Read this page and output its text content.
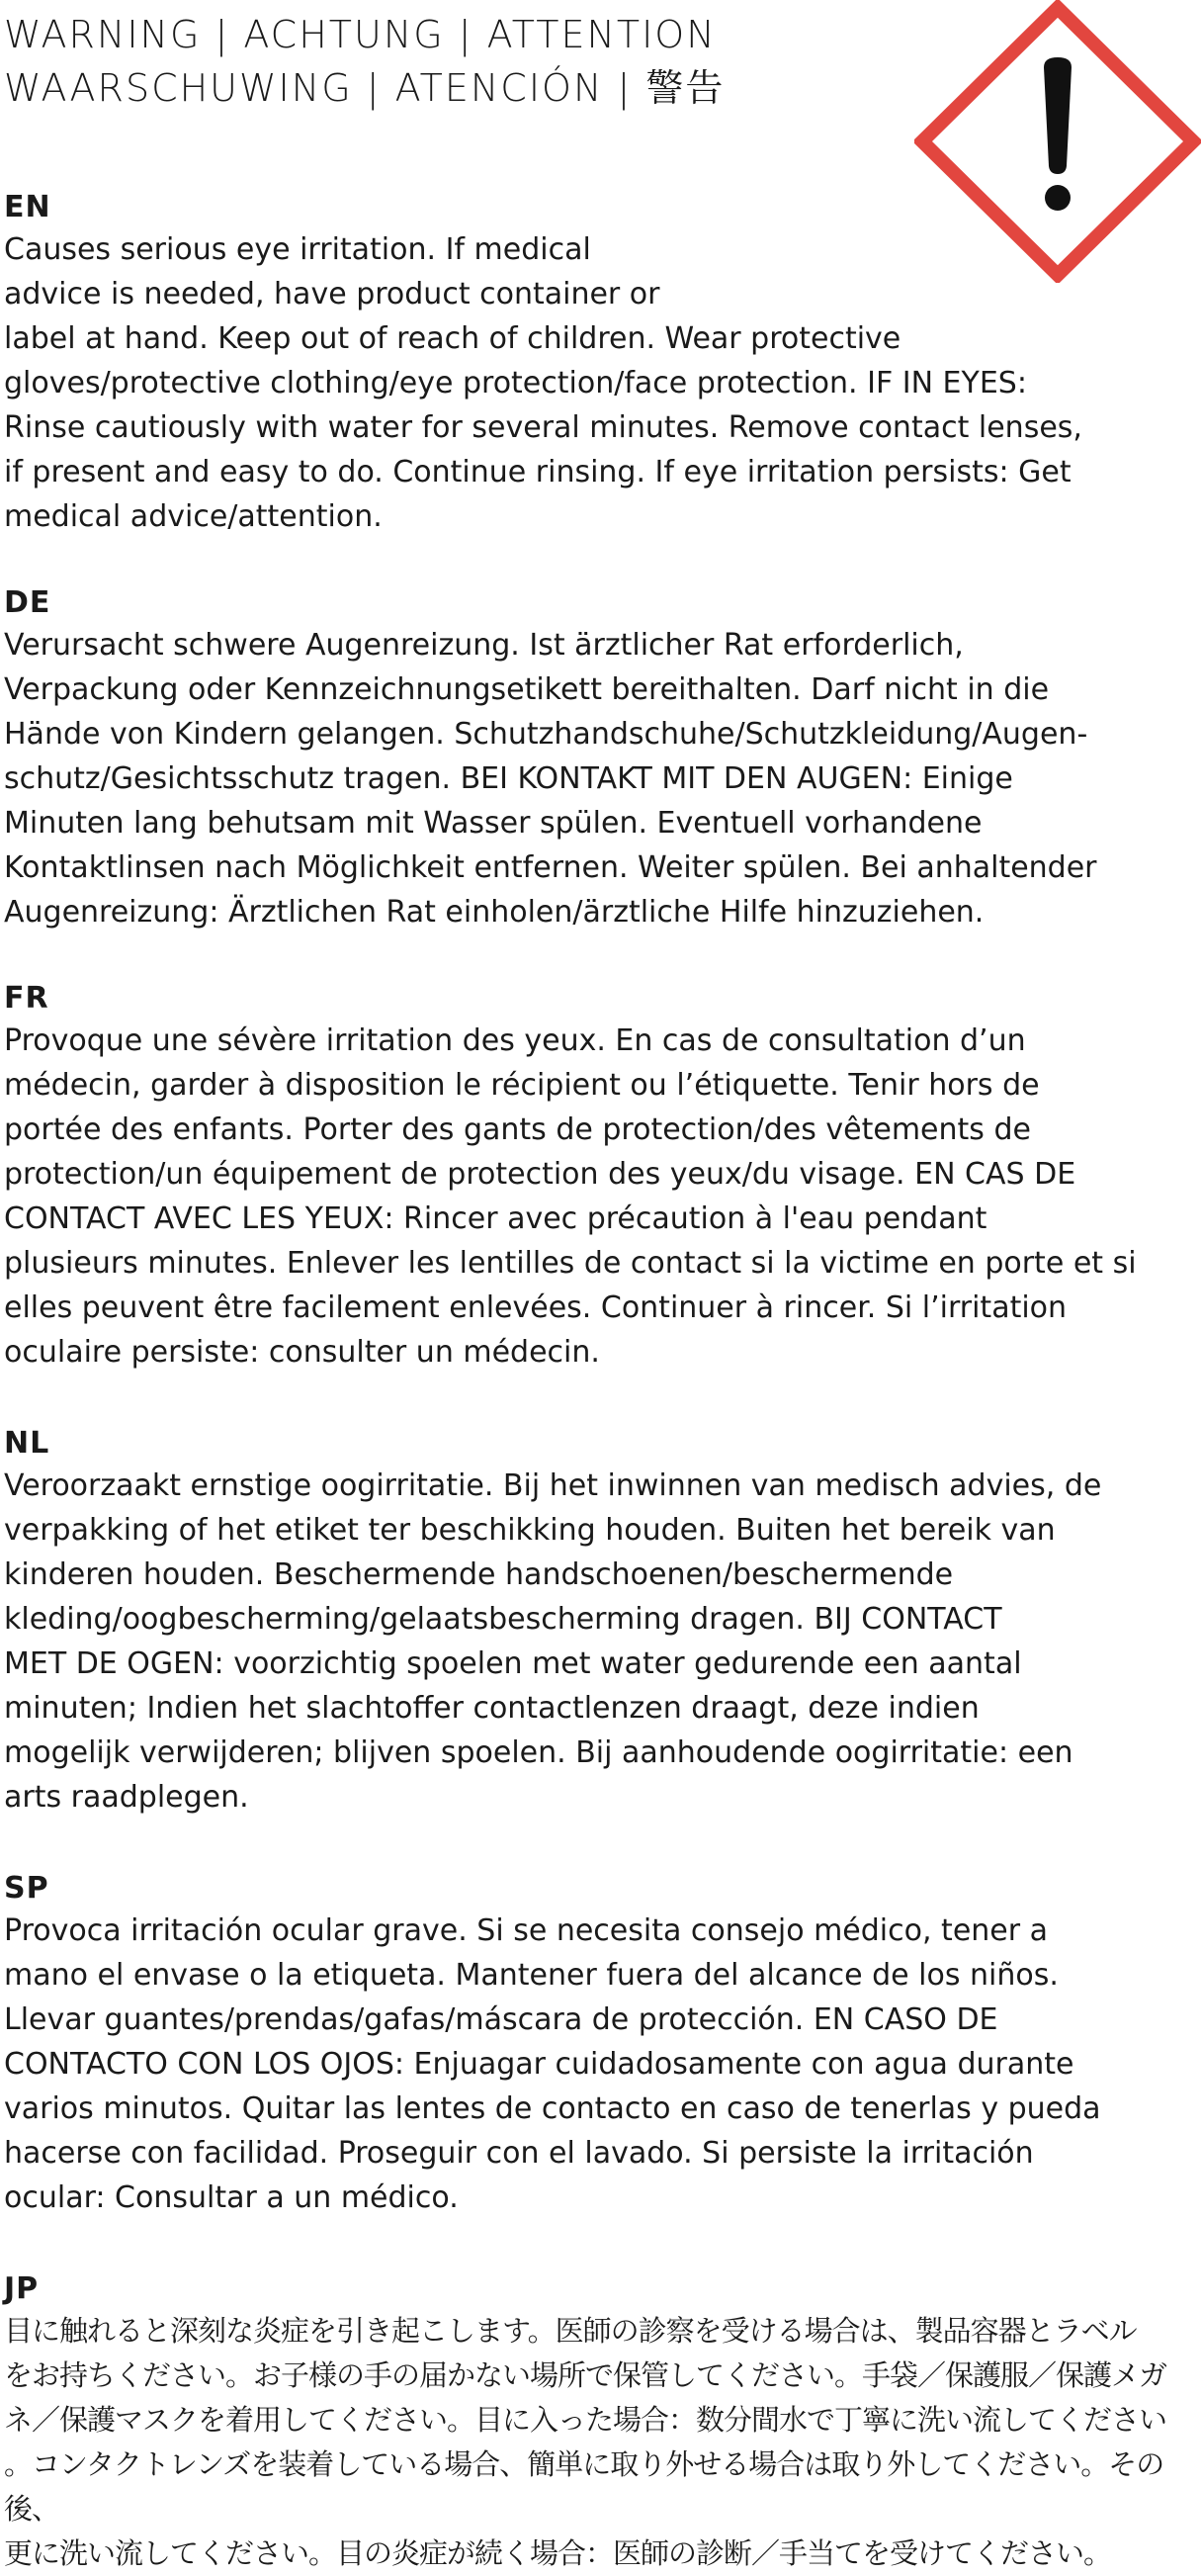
WARNING | ACHTUNG | ATTENTION
WAARSCHUWING | ATENCIÓN | 警告
EN
Causes serious eye irritation. If medical
advice is needed, have product container or
label at hand. Keep out of reach of children. Wear protective
gloves/protective clothing/eye protection/face protection. IF IN EYES:
Rinse cautiously with water for several minutes. Remove contact lenses,
if present and easy to do. Continue rinsing. If eye irritation persists: Get
medical advice/attention.
DE
Verursacht schwere Augenreizung. Ist ärztlicher Rat erforderlich,
Verpackung oder Kennzeichnungsetikett bereithalten. Darf nicht in die
Hände von Kindern gelangen. Schutzhandschuhe/Schutzkleidung/Augen-
schutz/Gesichtsschutz tragen. BEI KONTAKT MIT DEN AUGEN: Einige
Minuten lang behutsam mit Wasser spülen. Eventuell vorhandene
Kontaktlinsen nach Möglichkeit entfernen. Weiter spülen. Bei anhaltender
Augenreizung: Ärztlichen Rat einholen/ärztliche Hilfe hinzuziehen.
FR
Provoque une sévère irritation des yeux. En cas de consultation d’un
médecin, garder à disposition le récipient ou l’étiquette. Tenir hors de
portée des enfants. Porter des gants de protection/des vêtements de
protection/un équipement de protection des yeux/du visage. EN CAS DE
CONTACT AVEC LES YEUX: Rincer avec précaution à l'eau pendant
plusieurs minutes. Enlever les lentilles de contact si la victime en porte et si
elles peuvent être facilement enlevées. Continuer à rincer. Si l’irritation
oculaire persiste: consulter un médecin.
NL
Veroorzaakt ernstige oogirritatie. Bij het inwinnen van medisch advies, de
verpakking of het etiket ter beschikking houden. Buiten het bereik van
kinderen houden. Beschermende handschoenen/beschermende
kleding/oogbescherming/gelaatsbescherming dragen. BIJ CONTACT
MET DE OGEN: voorzichtig spoelen met water gedurende een aantal
minuten; Indien het slachtoffer contactlenzen draagt, deze indien
mogelijk verwijderen; blijven spoelen. Bij aanhoudende oogirritatie: een
arts raadplegen.
SP
Provoca irritación ocular grave. Si se necesita consejo médico, tener a
mano el envase o la etiqueta. Mantener fuera del alcance de los niños.
Llevar guantes/prendas/gafas/máscara de protección. EN CASO DE
CONTACTO CON LOS OJOS: Enjuagar cuidadosamente con agua durante
varios minutos. Quitar las lentes de contacto en caso de tenerlas y pueda
hacerse con facilidad. Proseguir con el lavado. Si persiste la irritación
ocular: Consultar a un médico.
JP
目に触れると深刻な炎症を引き起こします。医師の診察を受ける場合は、製品容器とラベル
をお持ちください。お子様の手の届かない場所で保管してください。手袋／保護服／保護メガ
ネ／保護マスクを着用してください。目に入った場合：数分間水で丁寧に洗い流してください
。コンタクトレンズを装着している場合、簡単に取り外せる場合は取り外してください。その後、
更に洗い流してください。目の炎症が続く場合：医師の診断／手当てを受けてください。
